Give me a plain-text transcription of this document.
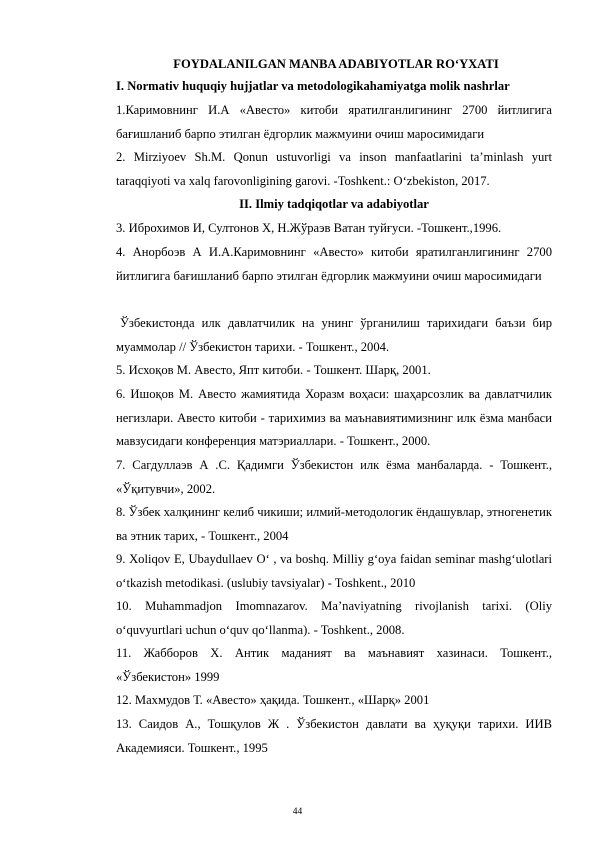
FOYDALANILGAN MANBA ADABIYOTLAR RO‘YXATI
I. Normativ huquqiy hujjatlar va metodologikahamiyatga molik nashrlar
1.Каримовнинг И.А «Авесто» китоби яратилганлигининг 2700 йитлигига бағишланиб барпо этилган ёдгорлик мажмуини очиш маросимидаги
2. Mirziyoev Sh.M. Qonun ustuvorligi va inson manfaatlarini ta’minlash yurt taraqqiyoti va xalq farovonligining garovi. -Toshkent.: O‘zbekiston, 2017.
II. Ilmiy tadqiqotlar va adabiyotlar
3. Иброхимов И, Султонов Х, Н.Жўраэв Ватан туйғуси. -Тошкент.,1996.
4. Анорбоэв А И.А.Каримовнинг «Авесто» китоби яратилганлигининг 2700 йитлигига бағишланиб барпо этилган ёдгорлик мажмуини очиш маросимидаги
Ўзбекистонда илк давлатчилик на унинг ўрганилиш тарихидаги баъзи бир муаммолар // Ўзбекистон тарихи. - Тошкент., 2004.
5. Исхоқов М. Авесто, Япт китоби. - Тошкент. Шарқ, 2001.
6. Ишоқов М. Авесто жамиятида Хоразм воҳаси: шаҳарсозлик ва давлатчилик негизлари. Авесто китоби - тарихимиз ва маънавиятимизнинг илк ёзма манбаси мавзусидаги конференция матэриаллари. - Тошкент., 2000.
7. Сагдуллаэв А .С. Қадимги Ўзбекистон илк ёзма манбаларда. - Тошкент., «Ўқитувчи», 2002.
8. Ўзбек халқининг келиб чикиши; илмий-методологик ёндашувлар, этногенетик ва этник тарих, - Тошкент., 2004
9. Xoliqov E, Ubaydullaev O‘ , va boshq. Milliy g‘oya faidan seminar mashg‘ulotlari o‘tkazish metodikasi. (uslubiy tavsiyalar) - Toshkent., 2010
10. Muhammadjon Imomnazarov. Ma’naviyatning rivojlanish tarixi. (Oliy o‘quvyurtlari uchun o‘quv qo‘llanma). - Toshkent., 2008.
11. Жабборов X. Антик маданият ва маънавият хазинаси. Тошкент., «Ўзбекистон» 1999
12. Махмудов Т. «Авесто» ҳақида. Тошкент., «Шарқ» 2001
13. Саидов А., Тошқулов Ж . Ўзбекистон давлати ва ҳуқуқи тарихи. ИИВ Академияси. Тошкент., 1995
44
